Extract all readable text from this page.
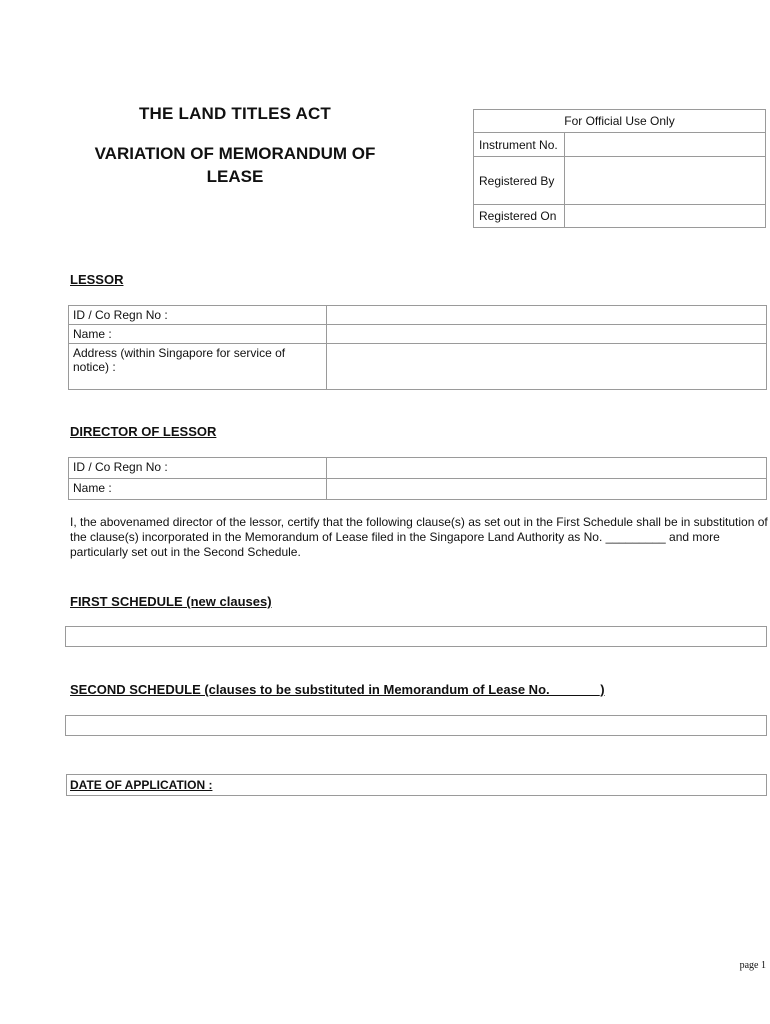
THE LAND TITLES ACT
VARIATION OF MEMORANDUM OF
LEASE
For Official Use Only
Instrument No.
Registered By
Registered On
LESSOR
ID / Co Regn No :
Name :
Address (within Singapore for service of notice) :
DIRECTOR OF LESSOR
ID / Co Regn No :
Name :
I, the abovenamed director of the lessor, certify that the following clause(s) as set out in the First Schedule shall be in substitution of the clause(s) incorporated in the Memorandum of Lease filed in the Singapore Land Authority as No. _________ and more particularly set out in the Second Schedule.
FIRST SCHEDULE (new clauses)
SECOND SCHEDULE (clauses to be substituted in Memorandum of Lease No. ___ ___)
DATE OF APPLICATION :
page 1
